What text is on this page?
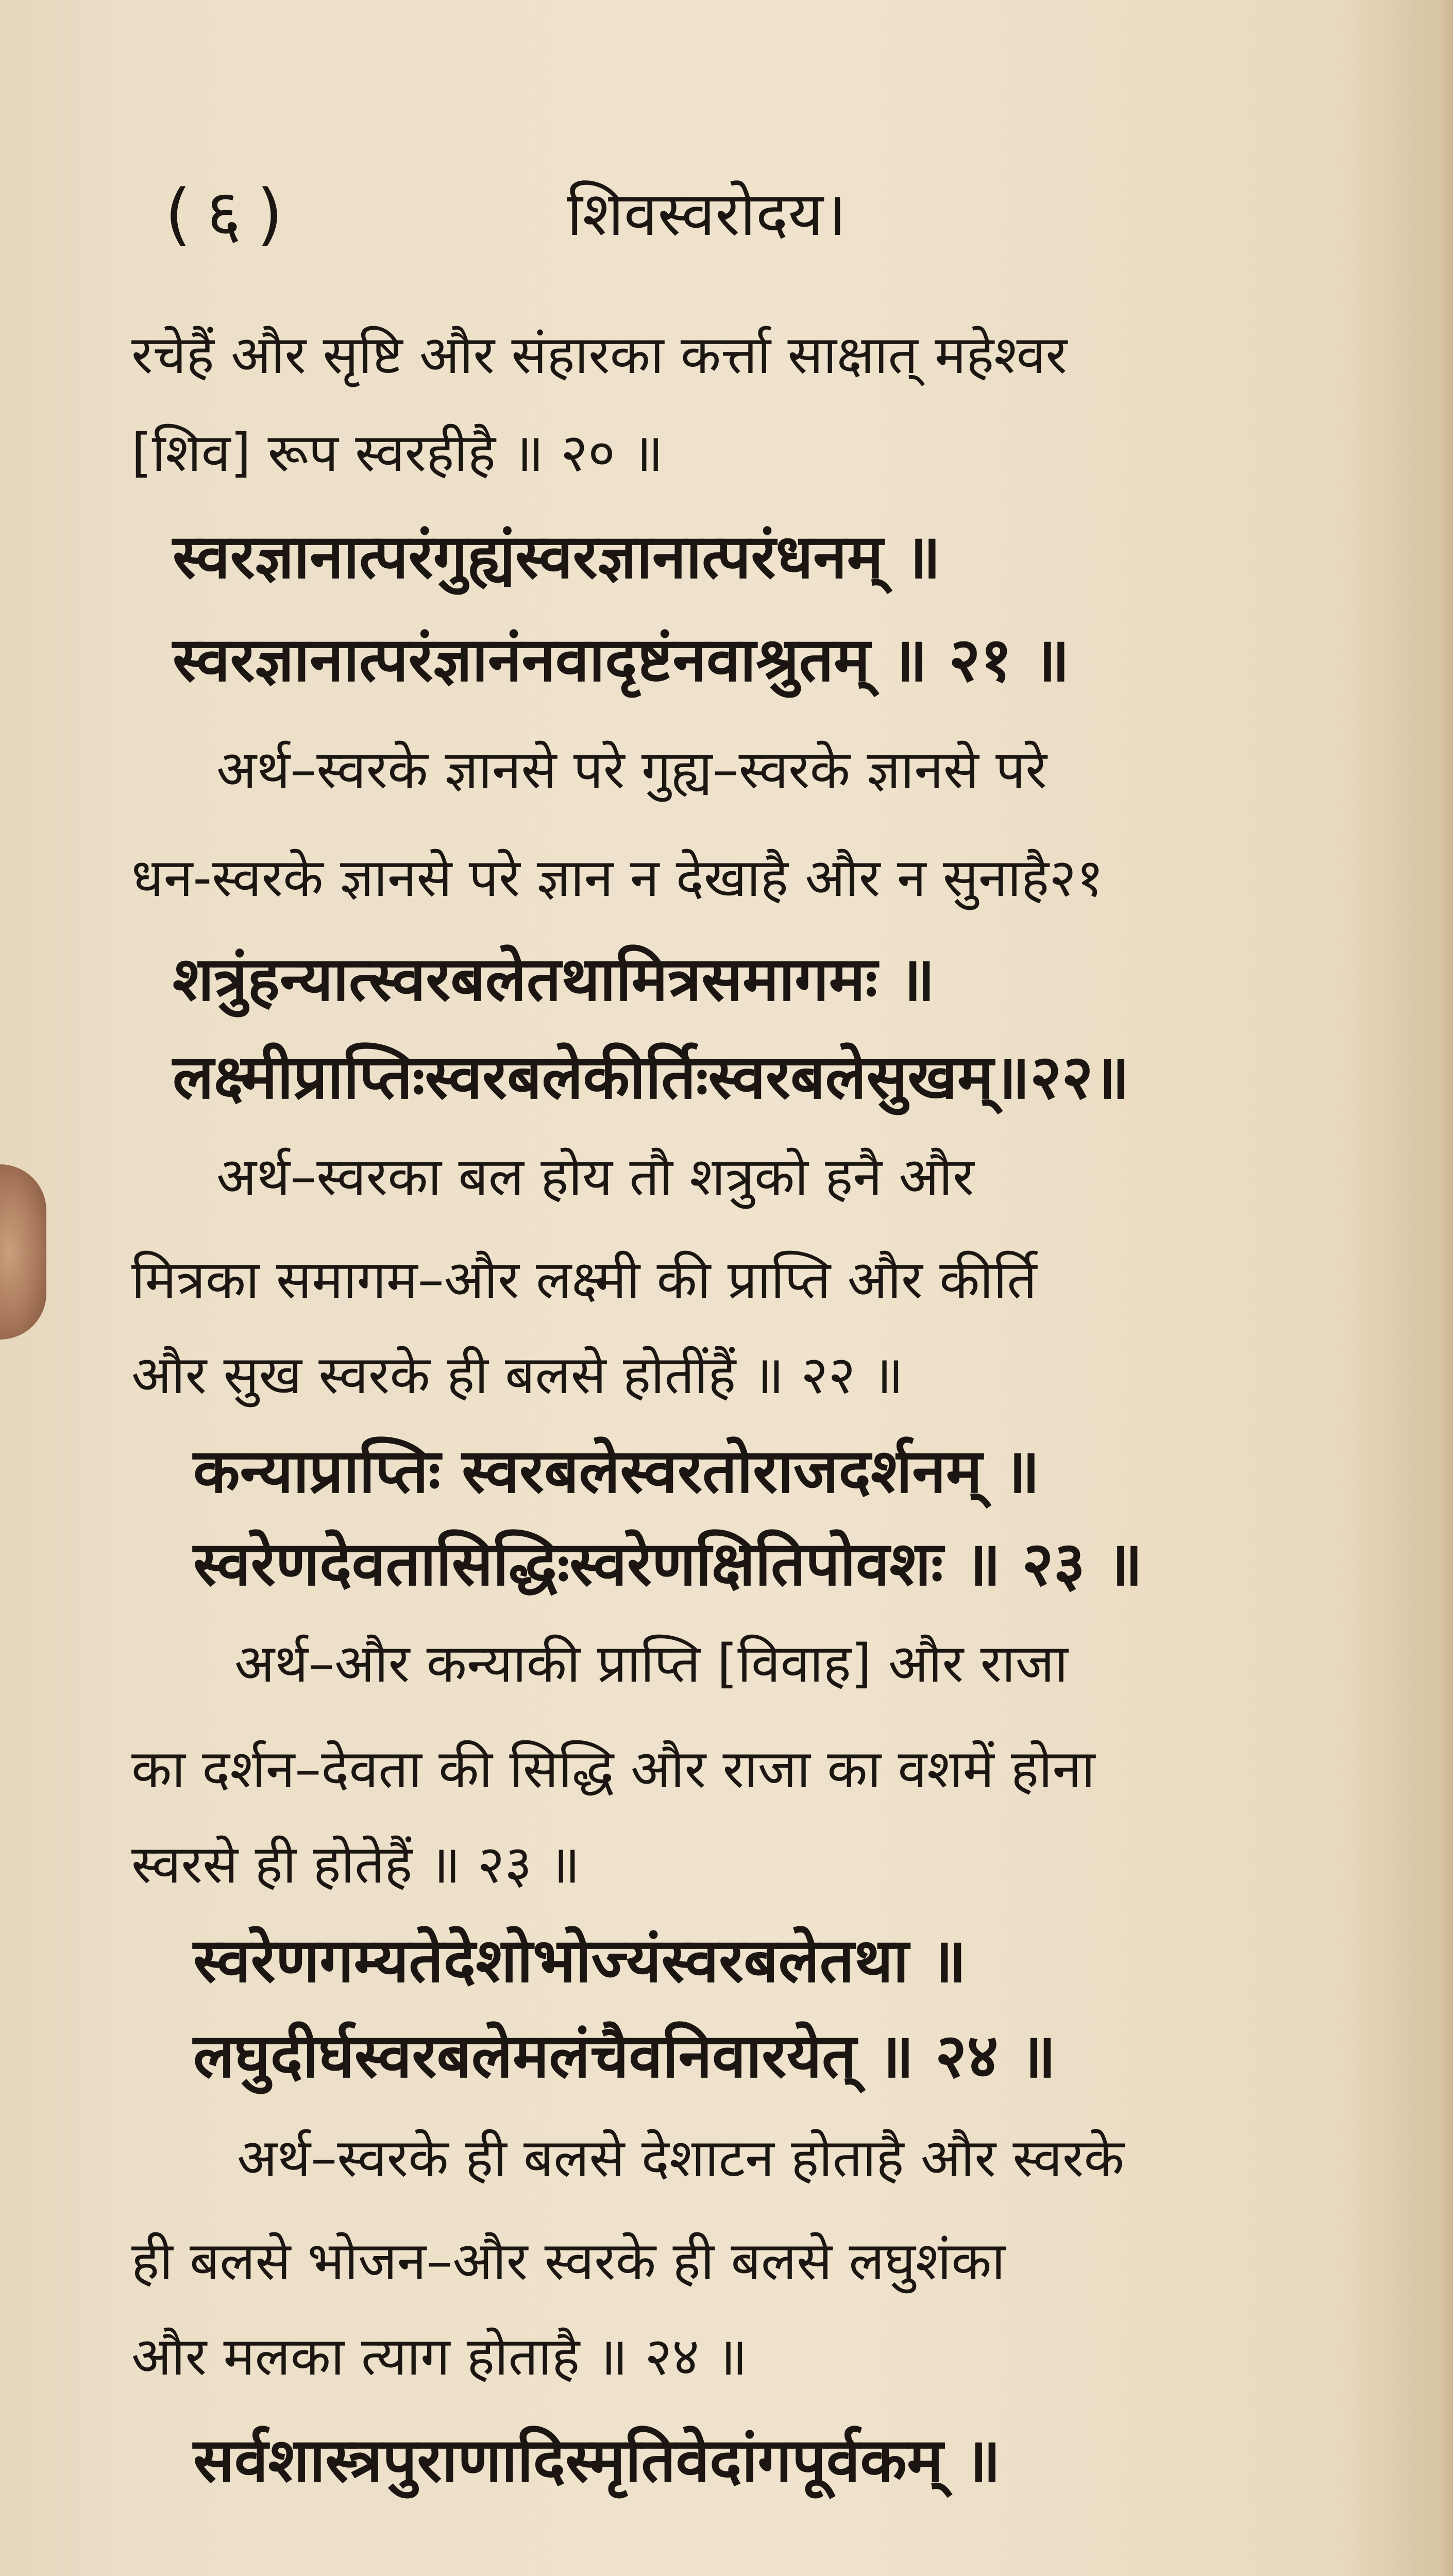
(६)	शिवस्वरोदय।
रचेहैं और सृष्टि और संहारका कर्त्ता साक्षात् महेश्वर
[शिव] रूप स्वरहीहै ॥ २० ॥
स्वरज्ञानात्परंगुह्यंस्वरज्ञानात्परंधनम् ॥
स्वरज्ञानात्परंज्ञानंनवादृष्टंनवाश्रुतम् ॥ २१ ॥
अर्थ–स्वरके ज्ञानसे परे गुह्य–स्वरके ज्ञानसे परे
धन-स्वरके ज्ञानसे परे ज्ञान न देखाहै और न सुनाहै२१
शत्रुंहन्यात्स्वरबलेतथामित्रसमागमः ॥
लक्ष्मीप्राप्तिःस्वरबलेकीर्तिःस्वरबलेसुखम्॥२२॥
अर्थ–स्वरका बल होय तौ शत्रुको हनै और
मित्रका समागम–और लक्ष्मी की प्राप्ति और कीर्ति
और सुख स्वरके ही बलसे होतींहैं ॥ २२ ॥
कन्याप्राप्तिः स्वरबलेस्वरतोराजदर्शनम् ॥
स्वरेणदेवतासिद्धिःस्वरेणक्षितिपोवशः ॥ २३ ॥
अर्थ–और कन्याकी प्राप्ति [विवाह] और राजा
का दर्शन–देवता की सिद्धि और राजा का वशमें होना
स्वरसे ही होतेहैं ॥ २३ ॥
स्वरेणगम्यतेदेशोभोज्यंस्वरबलेतथा ॥
लघुदीर्घस्वरबलेमलंचैवनिवारयेत् ॥ २४ ॥
अर्थ–स्वरके ही बलसे देशाटन होताहै और स्वरके
ही बलसे भोजन–और स्वरके ही बलसे लघुशंका
और मलका त्याग होताहै ॥ २४ ॥
सर्वशास्त्रपुराणादिस्मृतिवेदांगपूर्वकम् ॥
